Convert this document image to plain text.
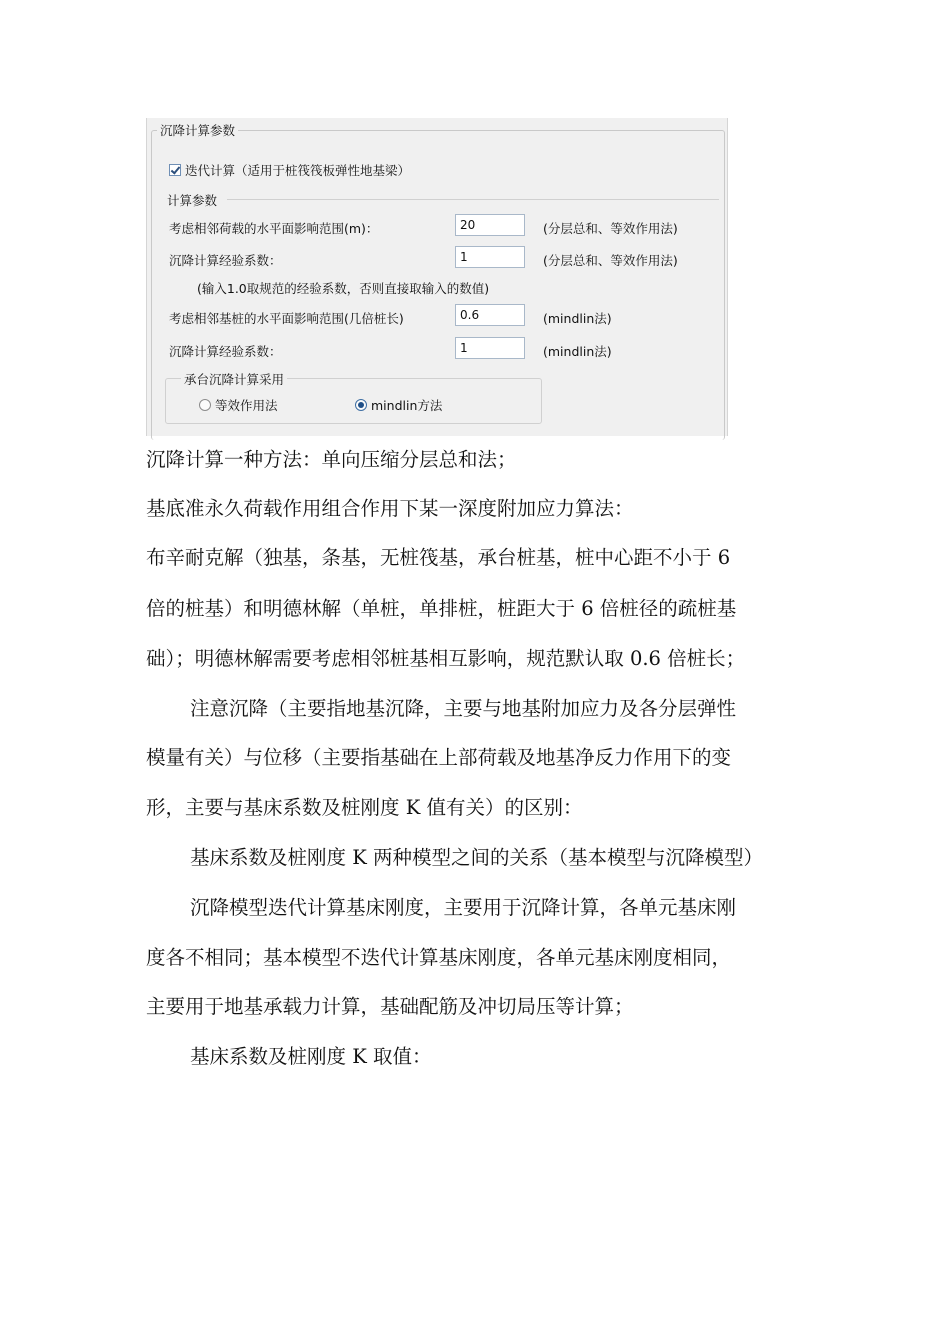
沉降计算参数
迭代计算（适用于桩筏筏板弹性地基梁）
计算参数
考虑相邻荷载的水平面影响范围(m)：	20	(分层总和、等效作用法)
沉降计算经验系数：	1	(分层总和、等效作用法)
(输入1.0取规范的经验系数，否则直接取输入的数值)
考虑相邻基桩的水平面影响范围(几倍桩长)	0.6	(mindlin法)
沉降计算经验系数：	1	(mindlin法)
承台沉降计算采用
等效作用法	mindlin方法
沉降计算一种方法：单向压缩分层总和法；
基底准永久荷载作用组合作用下某一深度附加应力算法：
布辛耐克解（独基，条基，无桩筏基，承台桩基，桩中心距不小于 6
倍的桩基）和明德林解（单桩，单排桩，桩距大于 6 倍桩径的疏桩基
础）；明德林解需要考虑相邻桩基相互影响，规范默认取 0.6 倍桩长；
注意沉降（主要指地基沉降，主要与地基附加应力及各分层弹性
模量有关）与位移（主要指基础在上部荷载及地基净反力作用下的变
形，主要与基床系数及桩刚度 K 值有关）的区别：
基床系数及桩刚度 K 两种模型之间的关系（基本模型与沉降模型）
沉降模型迭代计算基床刚度，主要用于沉降计算，各单元基床刚
度各不相同；基本模型不迭代计算基床刚度，各单元基床刚度相同，
主要用于地基承载力计算，基础配筋及冲切局压等计算；
基床系数及桩刚度 K 取值：
